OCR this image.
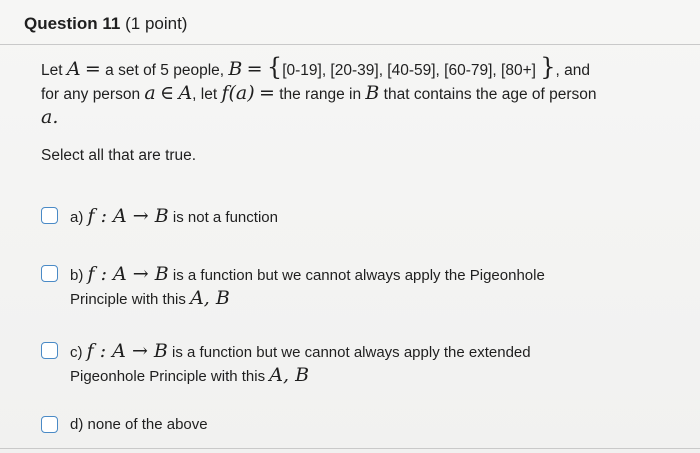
Question 11 (1 point)
Let A = a set of 5 people, B = {[0-19], [20-39], [40-59], [60-79], [80+] }, and
for any person a ∈ A, let f(a) = the range in B that contains the age of person
a.
Select all that are true.
a) f : A → B is not a function
b) f : A → B is a function but we cannot always apply the Pigeonhole
Principle with this A, B
c) f : A → B is a function but we cannot always apply the extended
Pigeonhole Principle with this A, B
d) none of the above
